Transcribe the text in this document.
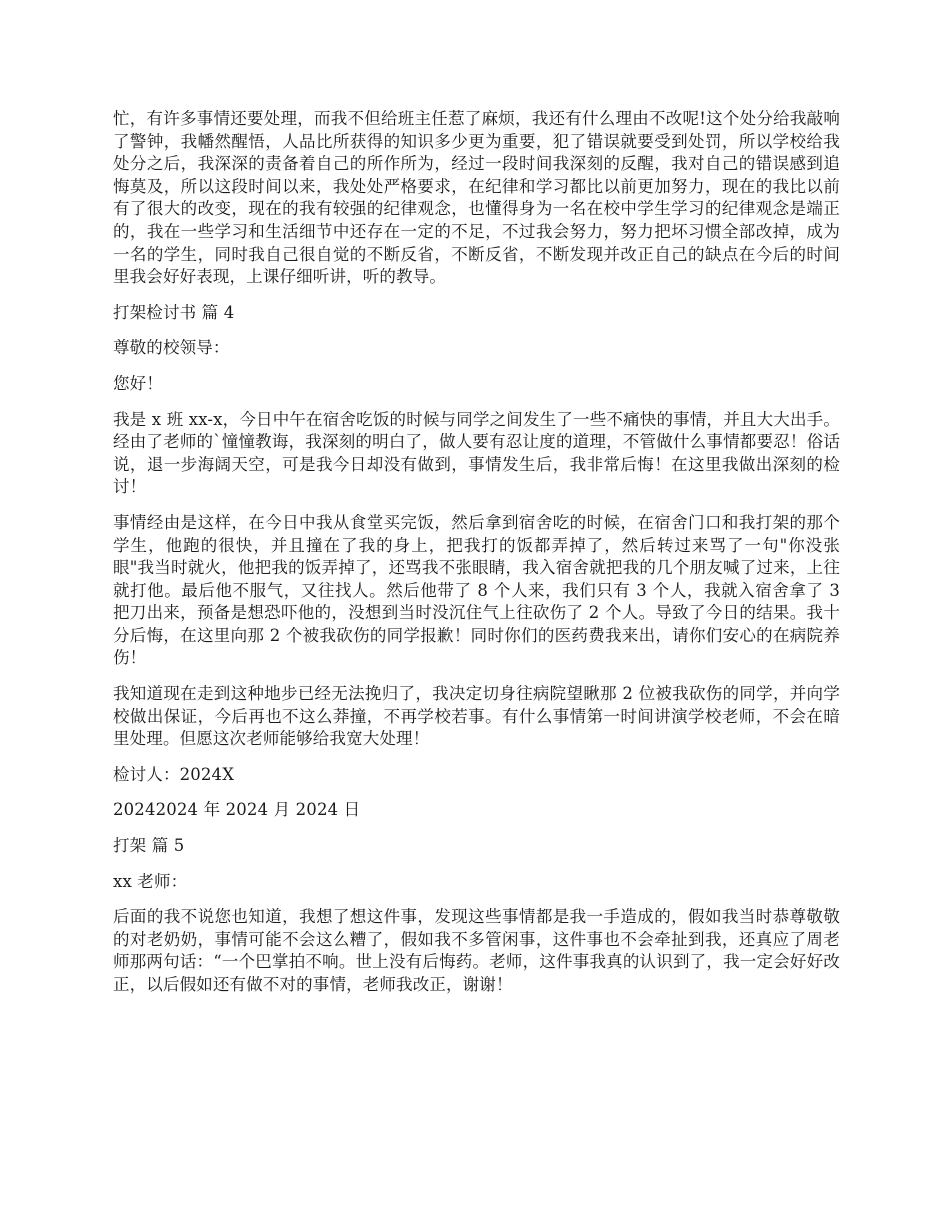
忙，有许多事情还要处理，而我不但给班主任惹了麻烦，我还有什么理由不改呢!这个处分给我敲响了警钟，我幡然醒悟，人品比所获得的知识多少更为重要，犯了错误就要受到处罚，所以学校给我处分之后，我深深的责备着自己的所作所为，经过一段时间我深刻的反醒，我对自己的错误感到追悔莫及，所以这段时间以来，我处处严格要求，在纪律和学习都比以前更加努力，现在的我比以前有了很大的改变，现在的我有较强的纪律观念，也懂得身为一名在校中学生学习的纪律观念是端正的，我在一些学习和生活细节中还存在一定的不足，不过我会努力，努力把坏习惯全部改掉，成为一名的学生，同时我自己很自觉的不断反省，不断反省，不断发现并改正自己的缺点在今后的时间里我会好好表现，上课仔细听讲，听的教导。

打架检讨书 篇 4

尊敬的校领导：

您好！

我是 x 班 xx-x，今日中午在宿舍吃饭的时候与同学之间发生了一些不痛快的事情，并且大大出手。经由了老师的`憧憧教诲，我深刻的明白了，做人要有忍让度的道理，不管做什么事情都要忍！俗话说，退一步海阔天空，可是我今日却没有做到，事情发生后，我非常后悔！在这里我做出深刻的检讨！

事情经由是这样，在今日中我从食堂买完饭，然后拿到宿舍吃的时候，在宿舍门口和我打架的那个学生，他跑的很快，并且撞在了我的身上，把我打的饭都弄掉了，然后转过来骂了一句"你没张眼"我当时就火，他把我的饭弄掉了，还骂我不张眼睛，我入宿舍就把我的几个朋友喊了过来，上往就打他。最后他不服气，又往找人。然后他带了 8 个人来，我们只有 3 个人，我就入宿舍拿了 3 把刀出来，预备是想恐吓他的，没想到当时没沉住气上往砍伤了 2 个人。导致了今日的结果。我十分后悔，在这里向那 2 个被我砍伤的同学报歉！同时你们的医药费我来出，请你们安心的在病院养伤！

我知道现在走到这种地步已经无法挽归了，我决定切身往病院望瞅那 2 位被我砍伤的同学，并向学校做出保证，今后再也不这么莽撞，不再学校若事。有什么事情第一时间讲演学校老师，不会在暗里处理。但愿这次老师能够给我宽大处理！

检讨人：2024X

20242024 年 2024 月 2024 日

打架 篇 5

xx 老师：

后面的我不说您也知道，我想了想这件事，发现这些事情都是我一手造成的，假如我当时恭尊敬敬的对老奶奶，事情可能不会这么糟了，假如我不多管闲事，这件事也不会牵扯到我，还真应了周老师那两句话：“一个巴掌拍不响。世上没有后悔药。老师，这件事我真的认识到了，我一定会好好改正，以后假如还有做不对的事情，老师我改正，谢谢！
